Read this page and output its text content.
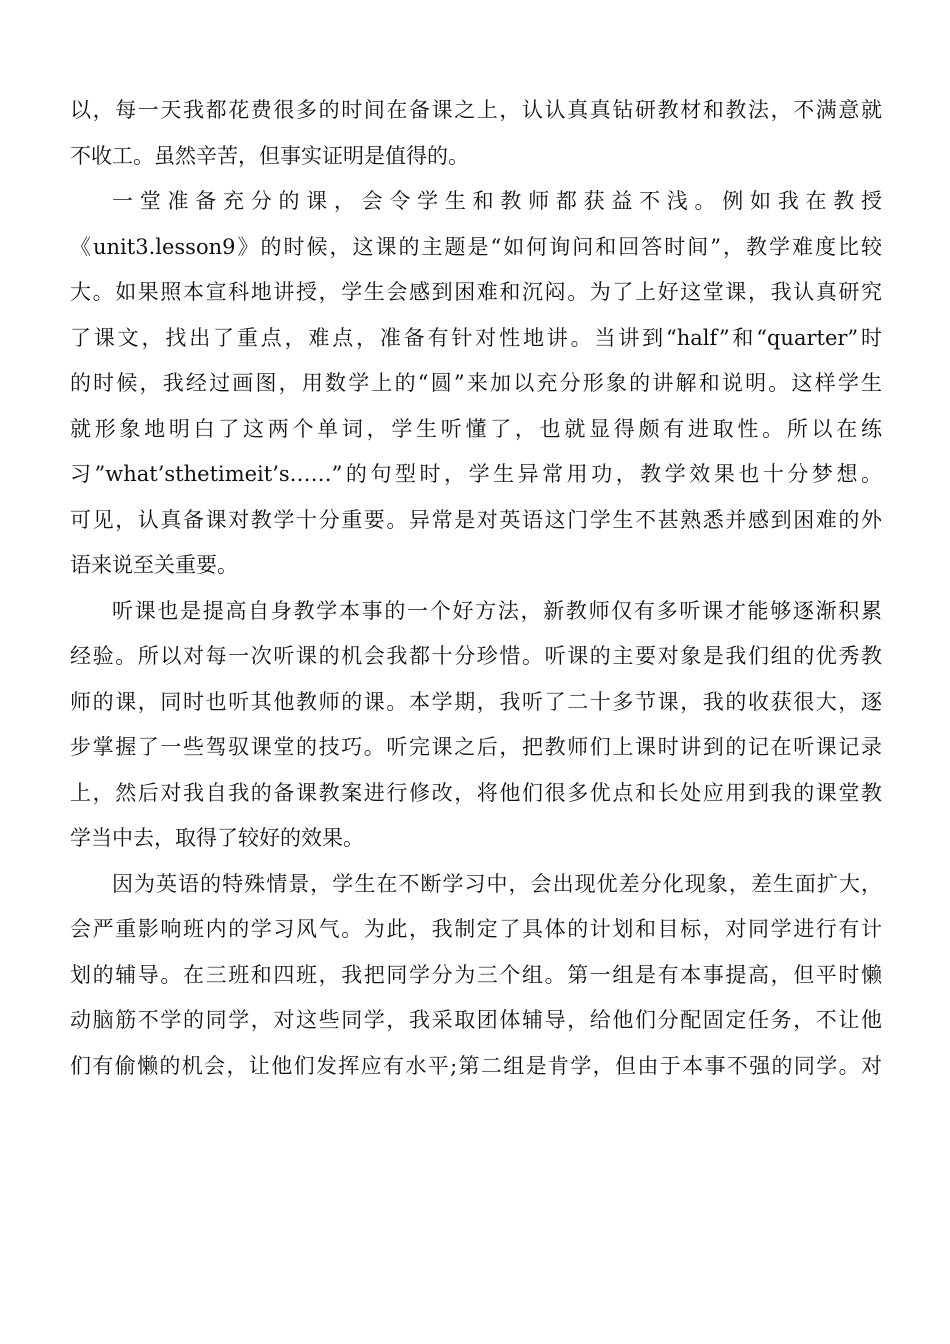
以，每一天我都花费很多的时间在备课之上，认认真真钻研教材和教法，不满意就
不收工。虽然辛苦，但事实证明是值得的。
一堂准备充分的课，会令学生和教师都获益不浅。例如我在教授
《unit3.lesson9》的时候，这课的主题是“如何询问和回答时间”，教学难度比较
大。如果照本宣科地讲授，学生会感到困难和沉闷。为了上好这堂课，我认真研究
了课文，找出了重点，难点，准备有针对性地讲。当讲到“half”和“quarter”时
的时候，我经过画图，用数学上的“圆”来加以充分形象的讲解和说明。这样学生
就形象地明白了这两个单词，学生听懂了，也就显得颇有进取性。所以在练
习”what’sthetimeit’s……”的句型时，学生异常用功，教学效果也十分梦想。
可见，认真备课对教学十分重要。异常是对英语这门学生不甚熟悉并感到困难的外
语来说至关重要。
听课也是提高自身教学本事的一个好方法，新教师仅有多听课才能够逐渐积累
经验。所以对每一次听课的机会我都十分珍惜。听课的主要对象是我们组的优秀教
师的课，同时也听其他教师的课。本学期，我听了二十多节课，我的收获很大，逐
步掌握了一些驾驭课堂的技巧。听完课之后，把教师们上课时讲到的记在听课记录
上，然后对我自我的备课教案进行修改，将他们很多优点和长处应用到我的课堂教
学当中去，取得了较好的效果。
因为英语的特殊情景，学生在不断学习中，会出现优差分化现象，差生面扩大，
会严重影响班内的学习风气。为此，我制定了具体的计划和目标，对同学进行有计
划的辅导。在三班和四班，我把同学分为三个组。第一组是有本事提高，但平时懒
动脑筋不学的同学，对这些同学，我采取团体辅导，给他们分配固定任务，不让他
们有偷懒的机会，让他们发挥应有水平;第二组是肯学，但由于本事不强的同学。对
